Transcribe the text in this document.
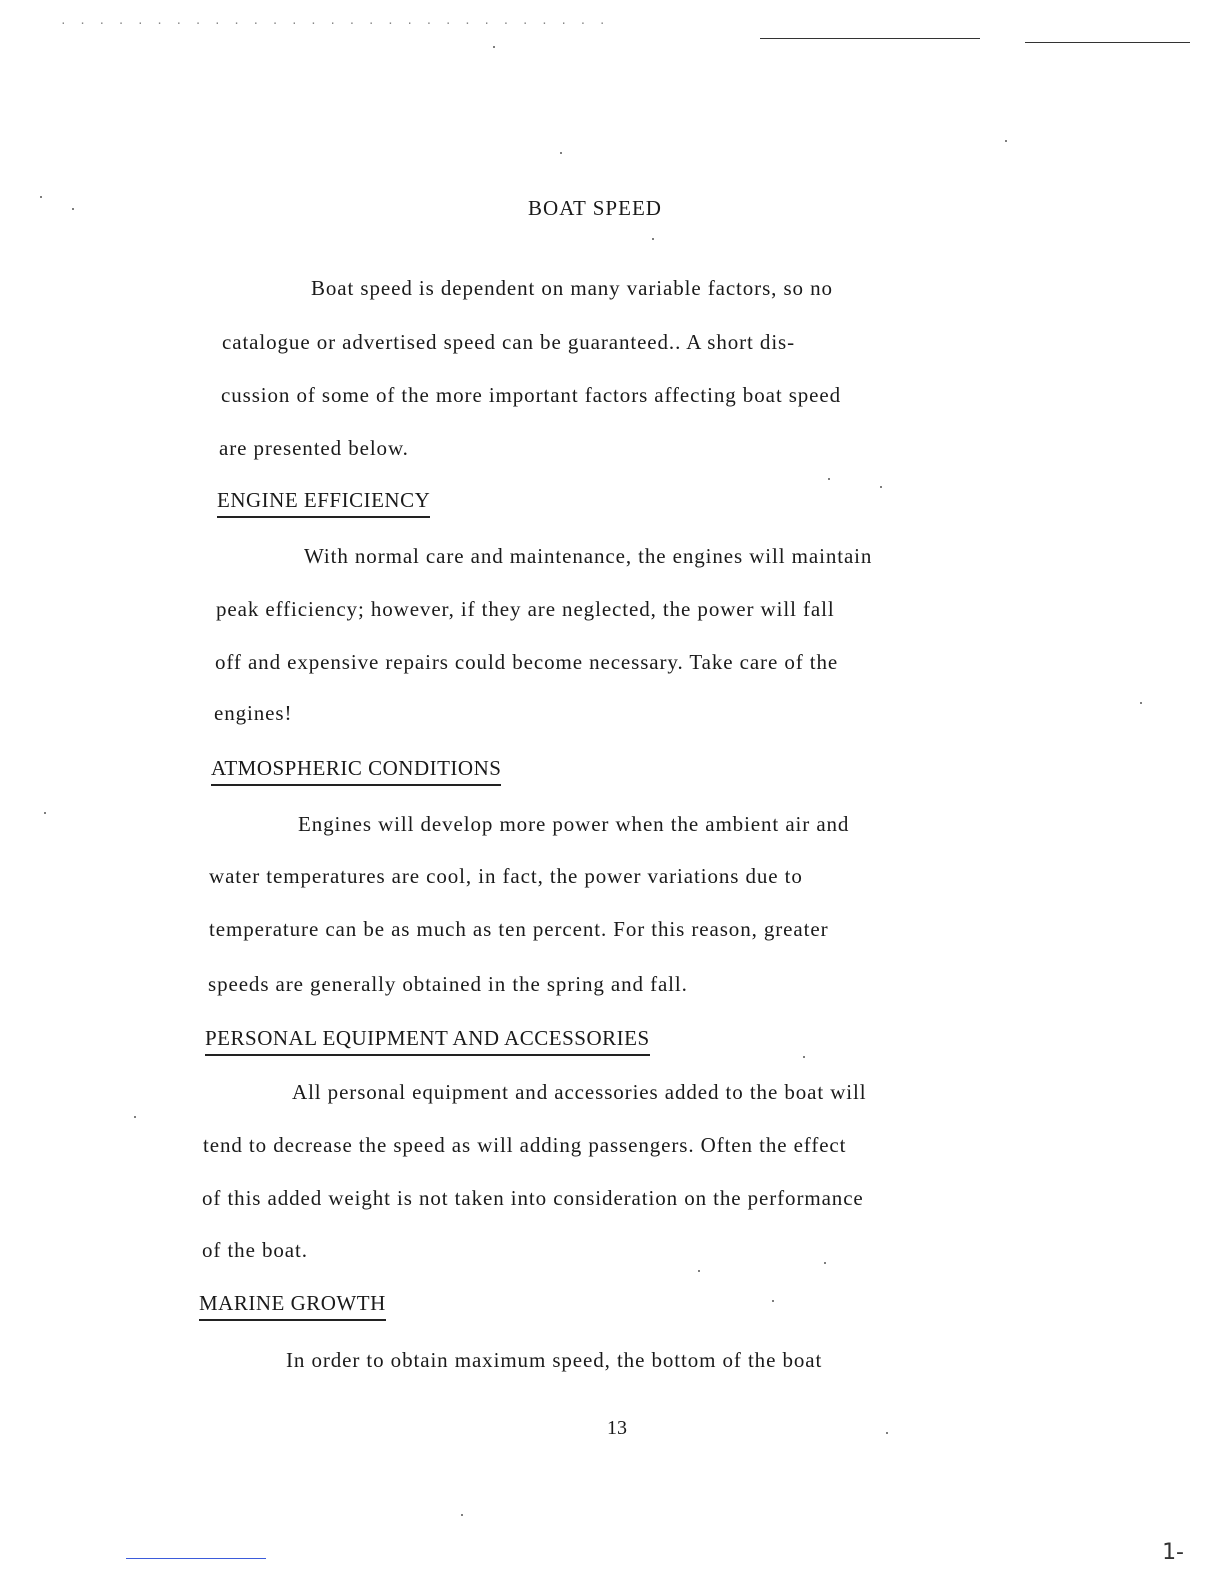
. . . . . . . . . . . . . . . . . . . . . . . . . . . . .
BOAT SPEED
Boat speed is dependent on many variable factors, so no
catalogue or advertised speed can be guaranteed.. A short dis-
cussion of some of the more important factors affecting boat speed
are presented below.
ENGINE EFFICIENCY
With normal care and maintenance, the engines will maintain
peak efficiency; however, if they are neglected, the power will fall
off and expensive repairs could become necessary. Take care of the
engines!
ATMOSPHERIC CONDITIONS
Engines will develop more power when the ambient air and
water temperatures are cool, in fact, the power variations due to
temperature can be as much as ten percent. For this reason, greater
speeds are generally obtained in the spring and fall.
PERSONAL EQUIPMENT AND ACCESSORIES
All personal equipment and accessories added to the boat will
tend to decrease the speed as will adding passengers. Often the effect
of this added weight is not taken into consideration on the performance
of the boat.
MARINE GROWTH
In order to obtain maximum speed, the bottom of the boat
13
1-
